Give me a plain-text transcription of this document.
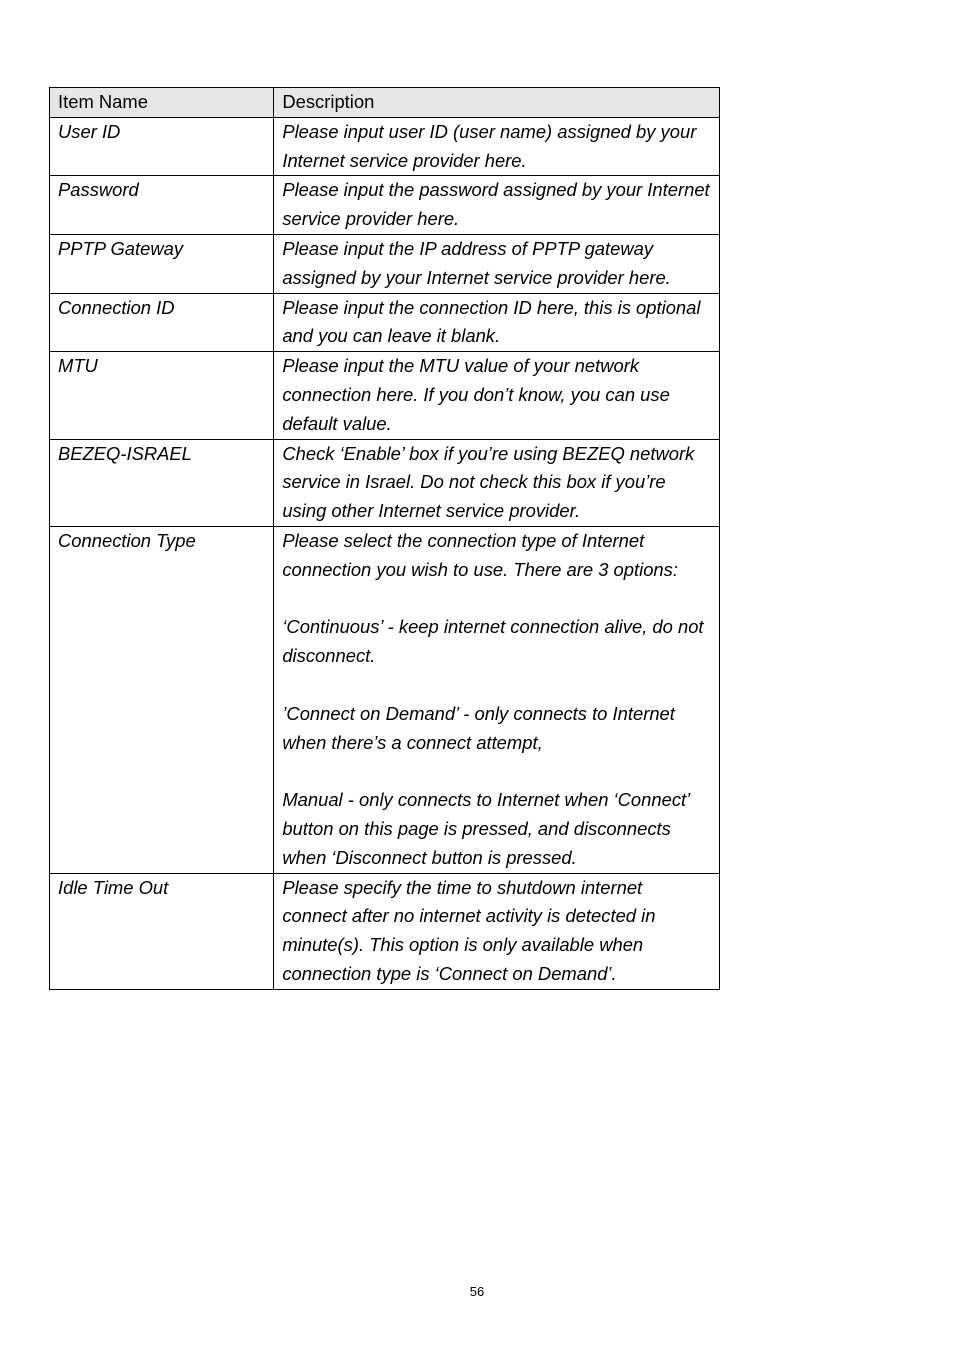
Item Name	Description
User ID	Please input user ID (user name) assigned by your Internet service provider here.

Password	Please input the password assigned by your Internet service provider here.

PPTP Gateway	Please input the IP address of PPTP gateway assigned by your Internet service provider here.

Connection ID	Please input the connection ID here, this is optional and you can leave it blank.

MTU	Please input the MTU value of your network connection here. If you don’t know, you can use default value.

BEZEQ-ISRAEL	Check ‘Enable’ box if you’re using BEZEQ network service in Israel. Do not check this box if you’re using other Internet service provider.

Connection Type	Please select the connection type of Internet connection you wish to use. There are 3 options:
‘Continuous’ - keep internet connection alive, do not disconnect.
’Connect on Demand’ - only connects to Internet when there’s a connect attempt,
Manual - only connects to Internet when ‘Connect’ button on this page is pressed, and disconnects when ‘Disconnect button is pressed.

Idle Time Out	Please specify the time to shutdown internet connect after no internet activity is detected in minute(s). This option is only available when connection type is ‘Connect on Demand’.
56
